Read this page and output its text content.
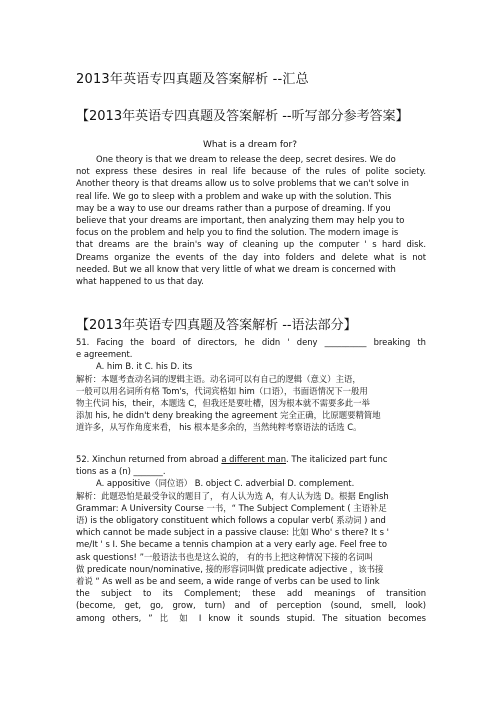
2013年英语专四真题及答案解析 --汇总
【2013年英语专四真题及答案解析 --听写部分参考答案】
What is a dream for?
One theory is that we dream to release the deep, secret desires. We do
not express these desires in real life because of the rules of polite society.
Another theory is that dreams allow us to solve problems that we can't solve in
real life. We go to sleep with a problem and wake up with the solution. This
may be a way to use our dreams rather than a purpose of dreaming. If you
believe that your dreams are important, then analyzing them may help you to
focus on the problem and help you to find the solution. The modern image is
that dreams are the brain's way of cleaning up the computer ' s hard disk.
Dreams organize the events of the day into folders and delete what is not
needed. But we all know that very little of what we dream is concerned with
what happened to us that day.
【2013年英语专四真题及答案解析 --语法部分】
51. Facing the board of directors, he didn ' deny __________ breaking th
e agreement.
A. him B. it C. his D. its
解析：本题考查动名词的逻辑主语。动名词可以有自己的逻辑（意义）主语，
一般可以用名词所有格 Tom's，代词宾格如 him（口语），书面语情况下一般用
物主代词 his，their，本题选 C，但我还是要吐槽，因为根本就不需要多此一举
添加 his, he didn't deny breaking the agreement 完全正确，比原题要精简地
道许多，从写作角度来看， his 根本是多余的，当然纯粹考察语法的话选 C。
52. Xinchun returned from abroad a different man. The italicized part func
tions as a (n) _______.
A. appositive（同位语） B. object C. adverbial D. complement.
解析：此题恐怕是最受争议的题目了， 有人认为选 A，有人认为选 D。根据 English
Grammar: A University Course 一书，“ The Subject Complement ( 主语补足
语) is the obligatory constituent which follows a copular verb( 系动词 ) and
which cannot be made subject in a passive clause: 比如 Who' s there? It s '
me/It ' s I. She became a tennis champion at a very early age. Feel free to
ask questions! ”一般语法书也是这么说的， 有的书上把这种情况下接的名词叫
做 predicate noun/nominative, 接的形容词叫做 predicate adjective ，该书接
着说 “ As well as be and seem, a wide range of verbs can be used to link
the subject to its Complement; these add meanings of transition
(become, get, go, grow, turn) and of perception (sound, smell, look)
among others, ” 比 如 I know it sounds stupid. The situation becomes
